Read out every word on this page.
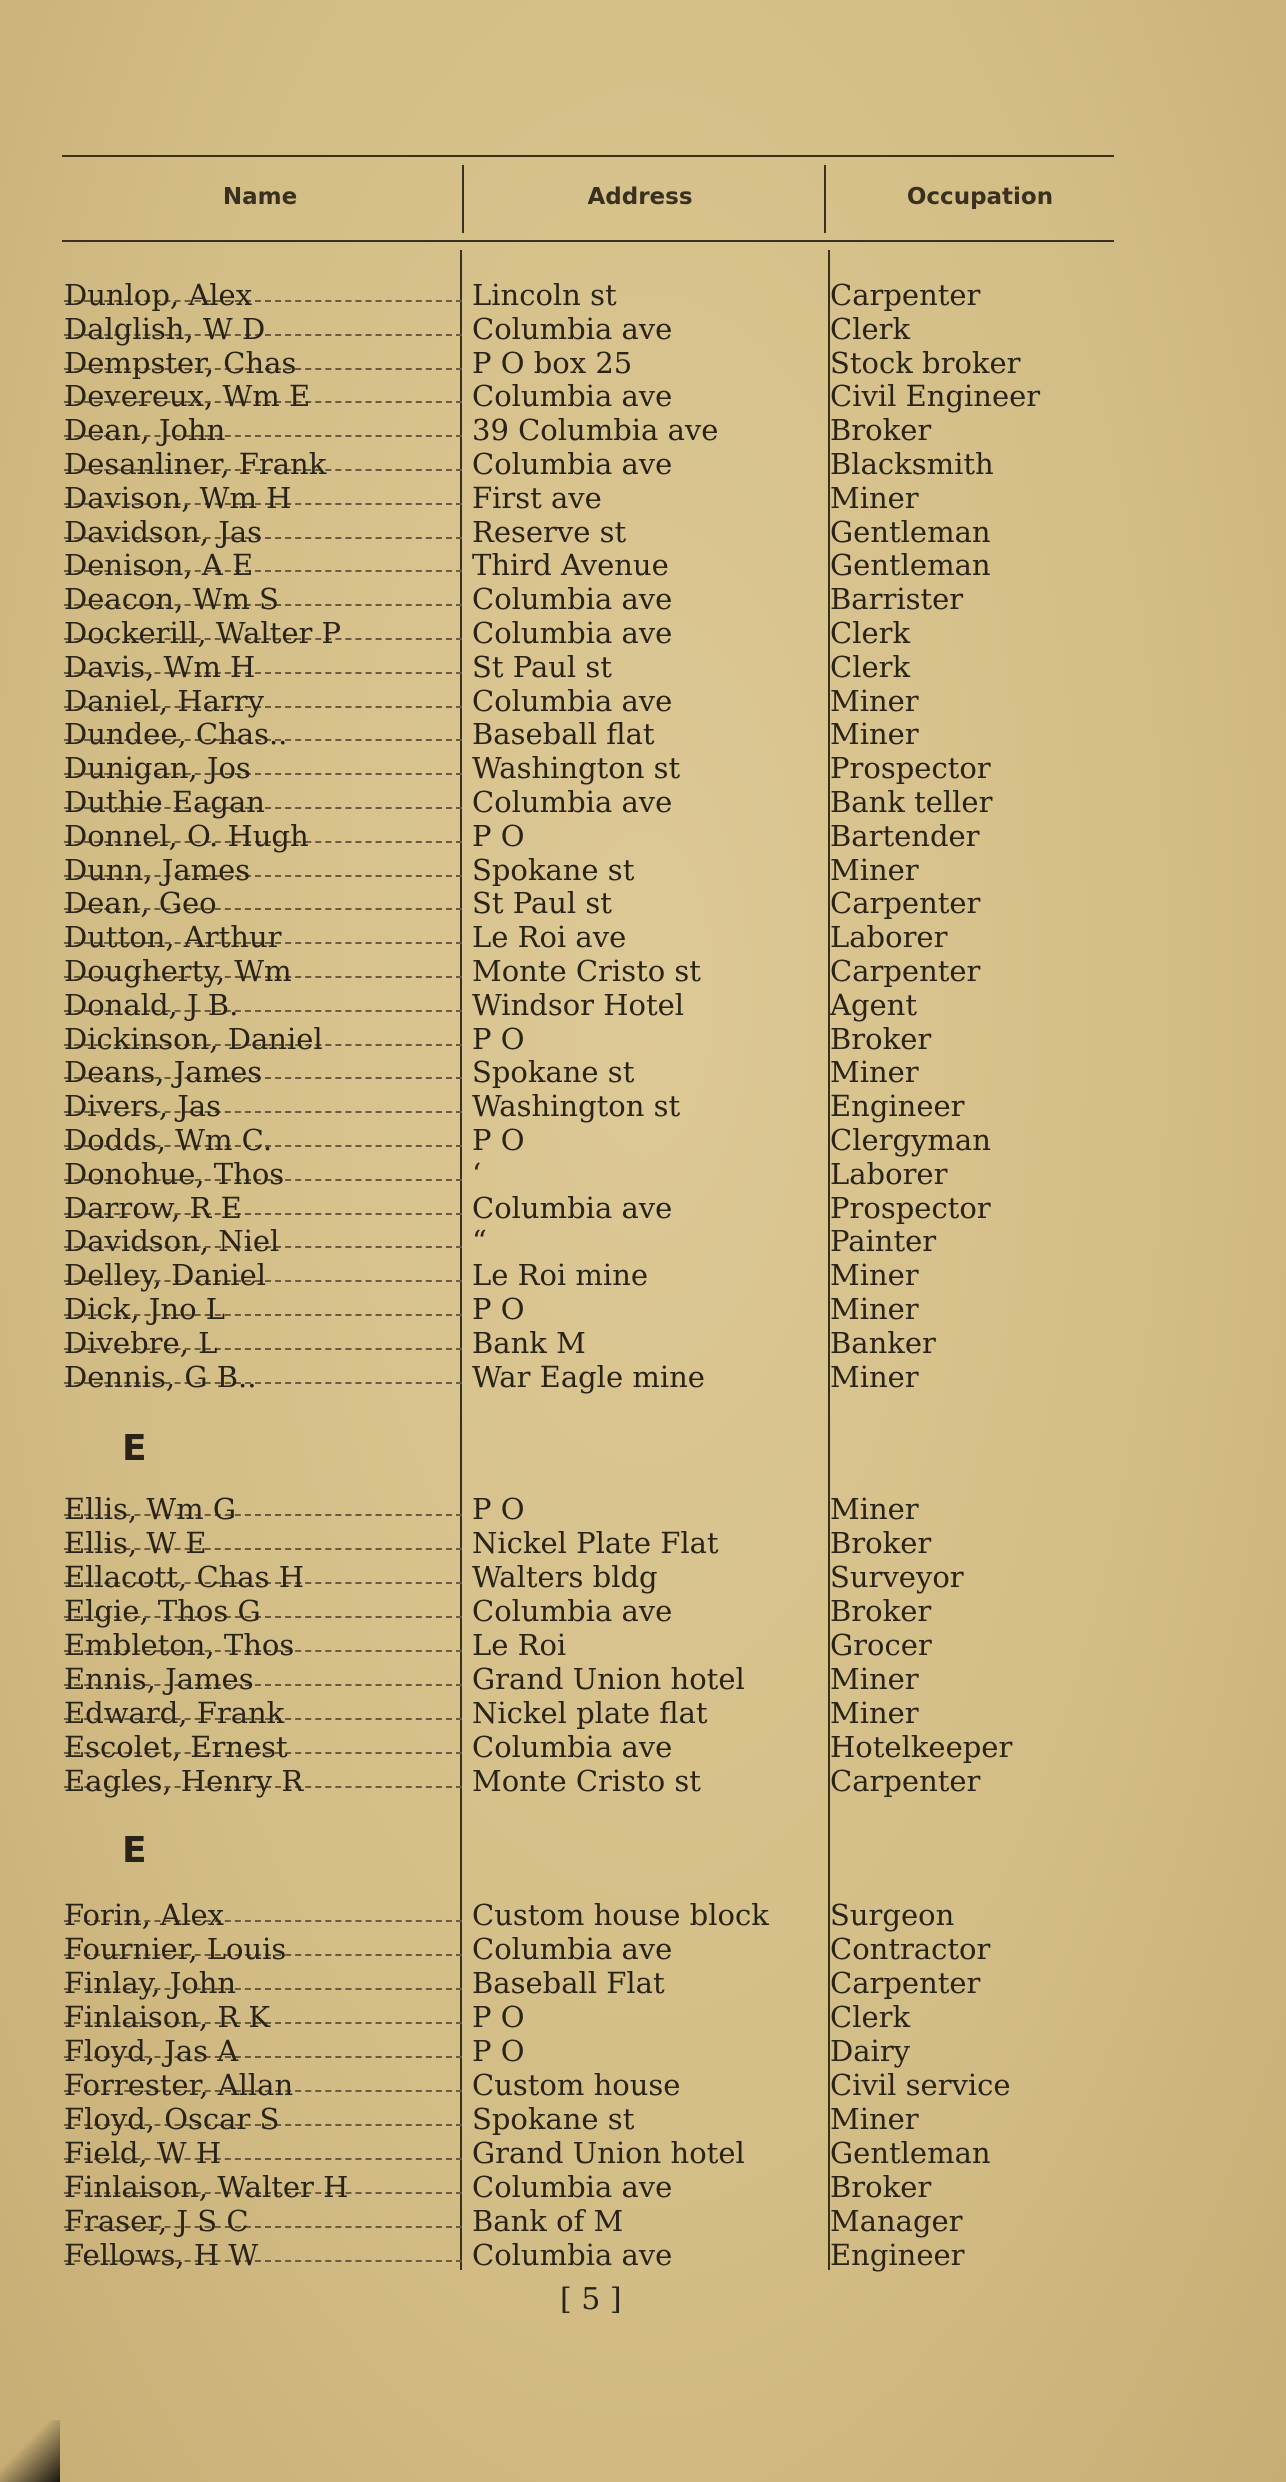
Name	Address	Occupation
Dunlop, Alex	Lincoln st	Carpenter
Dalglish, W D	Columbia ave	Clerk
Dempster, Chas	P O box 25	Stock broker
Devereux, Wm E	Columbia ave	Civil Engineer
Dean, John	39 Columbia ave	Broker
Desanliner, Frank	Columbia ave	Blacksmith
Davison, Wm H	First ave	Miner
Davidson, Jas	Reserve st	Gentleman
Denison, A E	Third Avenue	Gentleman
Deacon, Wm S	Columbia ave	Barrister
Dockerill, Walter P	Columbia ave	Clerk
Davis, Wm H	St Paul st	Clerk
Daniel, Harry	Columbia ave	Miner
Dundee, Chas..	Baseball flat	Miner
Dunigan, Jos	Washington st	Prospector
Duthie Eagan	Columbia ave	Bank teller
Donnel, O. Hugh	P O	Bartender
Dunn, James	Spokane st	Miner
Dean, Geo	St Paul st	Carpenter
Dutton, Arthur	Le Roi ave	Laborer
Dougherty, Wm	Monte Cristo st	Carpenter
Donald, J B.	Windsor Hotel	Agent
Dickinson, Daniel	P O	Broker
Deans, James	Spokane st	Miner
Divers, Jas	Washington st	Engineer
Dodds, Wm C.	P O	Clergyman
Donohue, Thos	‘	Laborer
Darrow, R E	Columbia ave	Prospector
Davidson, Niel	“	Painter
Delley, Daniel	Le Roi mine	Miner
Dick, Jno L	P O	Miner
Divebre, L	Bank M	Banker
Dennis, G B..	War Eagle mine	Miner
Ellis, Wm G	P O	Miner
Ellis, W E	Nickel Plate Flat	Broker
Ellacott, Chas H	Walters bldg	Surveyor
Elgie, Thos G	Columbia ave	Broker
Embleton, Thos	Le Roi	Grocer
Ennis, James	Grand Union hotel	Miner
Edward, Frank	Nickel plate flat	Miner
Escolet, Ernest	Columbia ave	Hotelkeeper
Eagles, Henry R	Monte Cristo st	Carpenter
Forin, Alex	Custom house block	Surgeon
Fournier, Louis	Columbia ave	Contractor
Finlay, John	Baseball Flat	Carpenter
Finlaison, R K	P O	Clerk
Floyd, Jas A	P O	Dairy
Forrester, Allan	Custom house	Civil service
Floyd, Oscar S	Spokane st	Miner
Field, W H	Grand Union hotel	Gentleman
Finlaison, Walter H	Columbia ave	Broker
Fraser, J S C	Bank of M	Manager
Fellows, H W	Columbia ave	Engineer
E
E
[ 5 ]
